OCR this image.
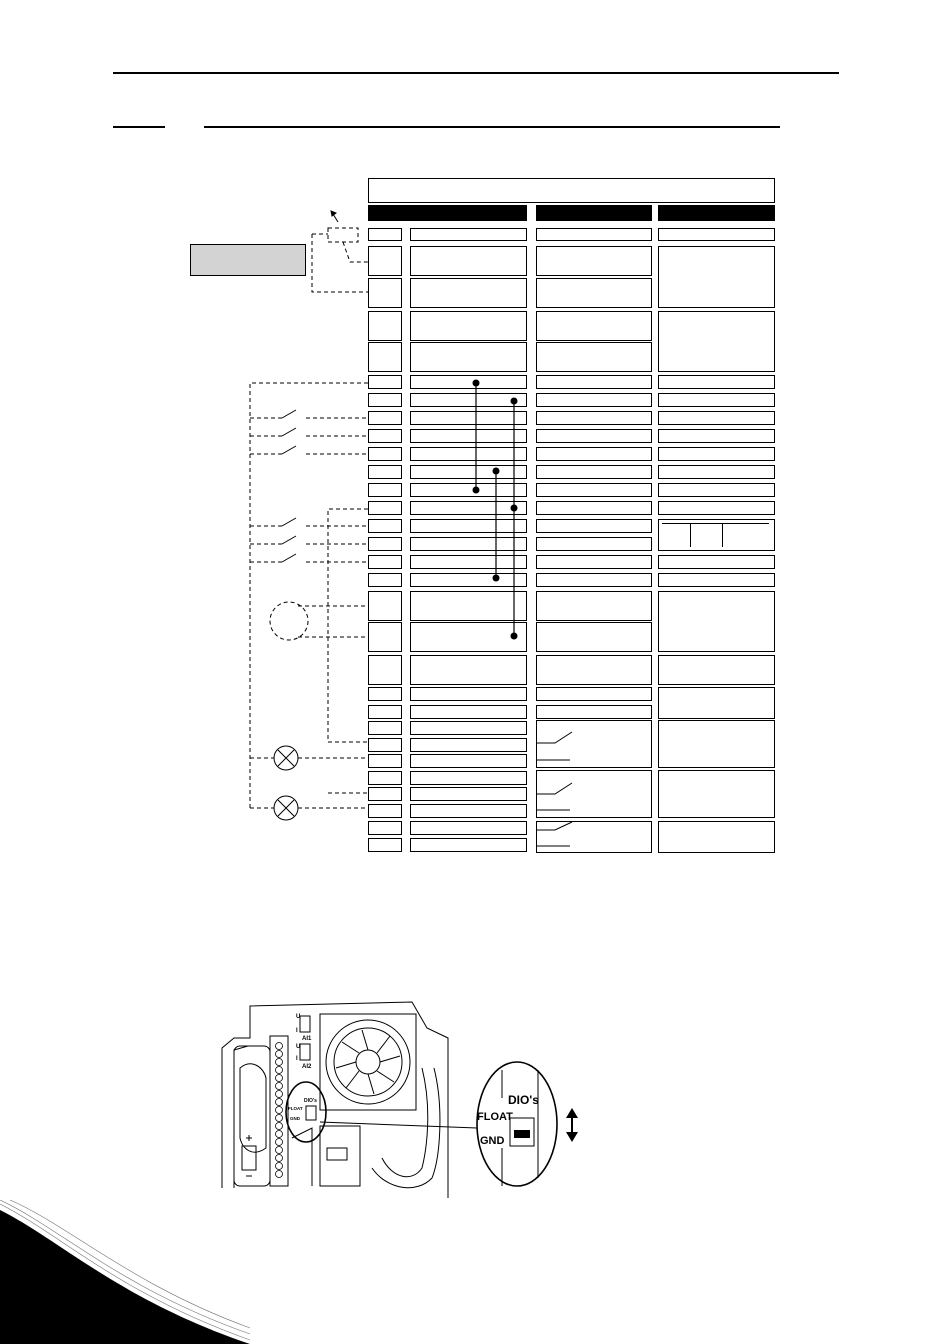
U
I
AI1
U
I
AI2
DIO's
FLOAT
GND
DIO's
FLOAT
GND
